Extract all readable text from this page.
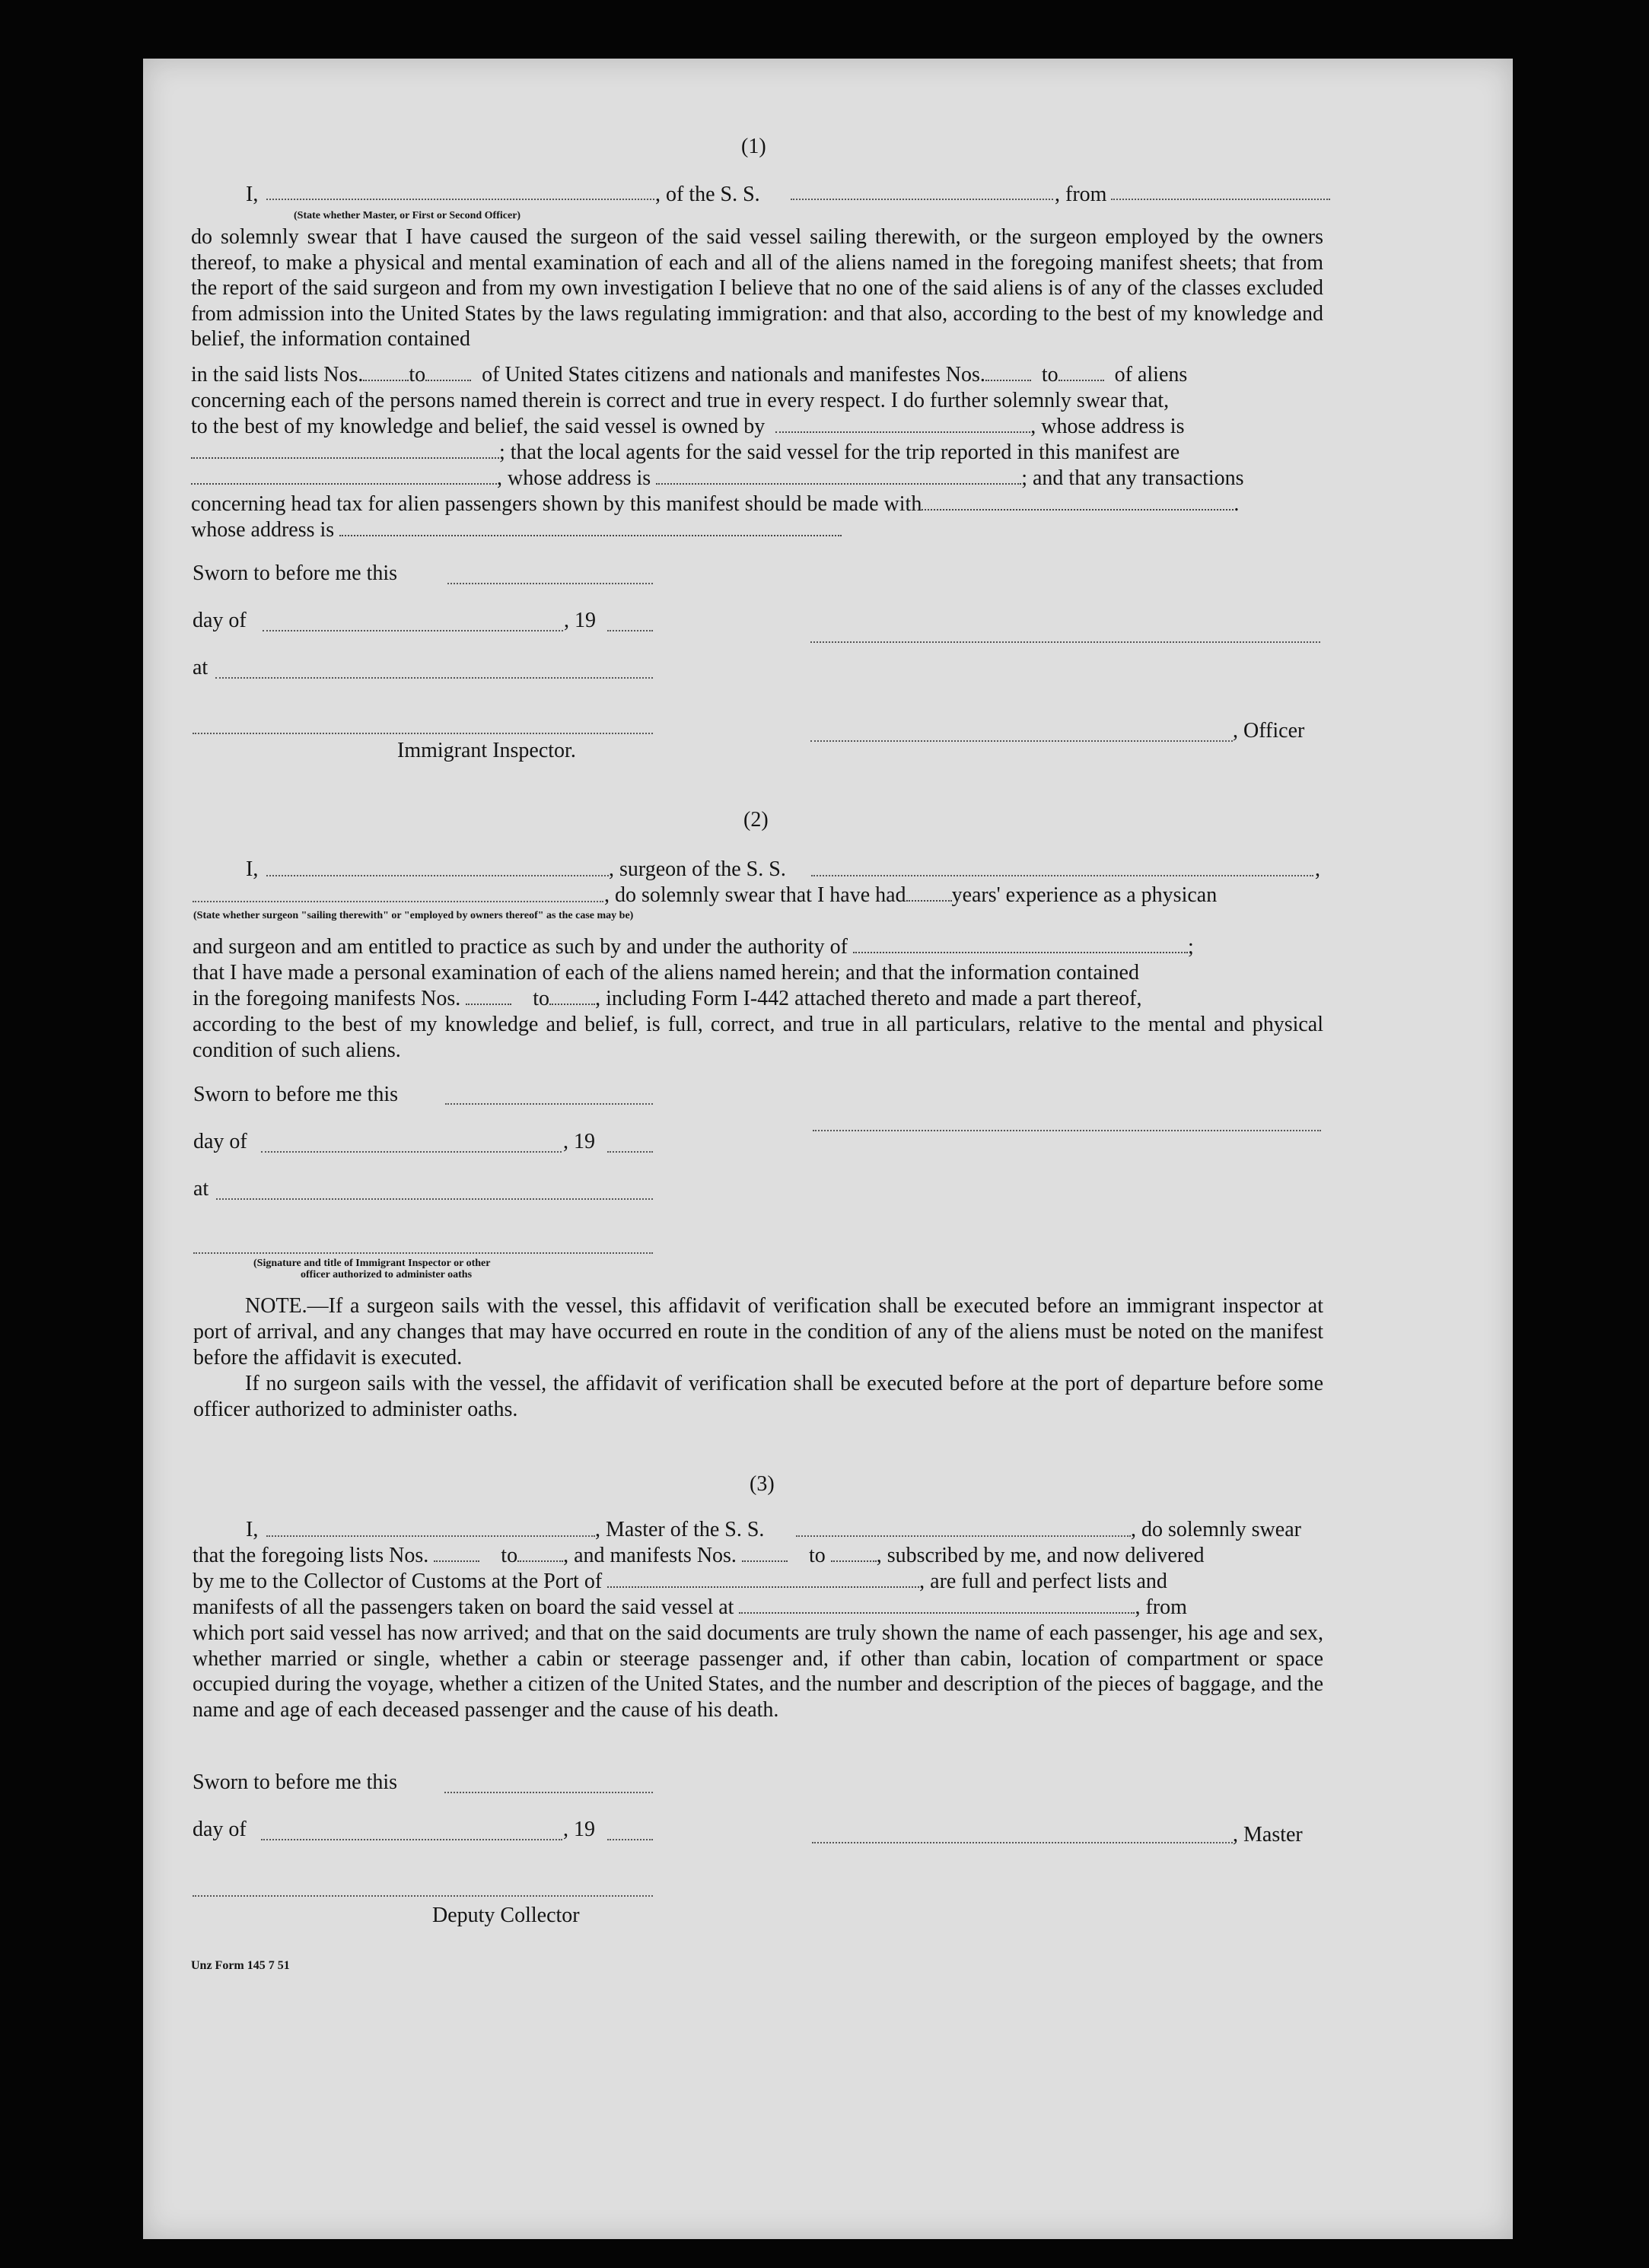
(1)
I,	, of the S. S.	, from
(State whether Master, or First or Second Officer)
do solemnly swear that I have caused the surgeon of the said vessel sailing therewith, or the surgeon employed by the owners thereof, to make a physical and mental examination of each and all of the aliens named in the foregoing manifest sheets; that from the report of the said surgeon and from my own investigation I believe that no one of the said aliens is of any of the classes excluded from admission into the United States by the laws regulating immigration: and that also, according to the best of my knowledge and belief, the information contained
in the said lists Nos. to	of United States citizens and nationals and manifestes Nos.	to	of aliens
concerning each of the persons named therein is correct and true in every respect. I do further solemnly swear that,
to the best of my knowledge and belief, the said vessel is owned by	, whose address is
; that the local agents for the said vessel for the trip reported in this manifest are
, whose address is	; and that any transactions
concerning head tax for alien passengers shown by this manifest should be made with	.
whose address is
Sworn to before me this
day of	, 19
at
, Officer
Immigrant Inspector.
(2)
I,	, surgeon of the S. S.	,
, do solemnly swear that I have had years' experience as a physican
(State whether surgeon "sailing therewith" or "employed by owners thereof" as the case may be)
and surgeon and am entitled to practice as such by and under the authority of	;
that I have made a personal examination of each of the aliens named herein; and that the information contained
in the foregoing manifests Nos.	to , including Form I-442 attached thereto and made a part thereof,
according to the best of my knowledge and belief, is full, correct, and true in all particulars, relative to the mental and physical condition of such aliens.
Sworn to before me this
day of	, 19
at
(Signature and title of Immigrant Inspector or other
officer authorized to administer oaths
NOTE.—If a surgeon sails with the vessel, this affidavit of verification shall be executed before an immigrant inspector at port of arrival, and any changes that may have occurred en route in the condition of any of the aliens must be noted on the manifest before the affidavit is executed.
If no surgeon sails with the vessel, the affidavit of verification shall be executed before at the port of departure before some officer authorized to administer oaths.
(3)
I,	, Master of the S. S.	, do solemnly swear
that the foregoing lists Nos.	to , and manifests Nos.	to , subscribed by me, and now delivered
by me to the Collector of Customs at the Port of	, are full and perfect lists and
manifests of all the passengers taken on board the said vessel at	, from
which port said vessel has now arrived; and that on the said documents are truly shown the name of each passenger, his age and sex, whether married or single, whether a cabin or steerage passenger and, if other than cabin, location of compartment or space occupied during the voyage, whether a citizen of the United States, and the number and description of the pieces of baggage, and the name and age of each deceased passenger and the cause of his death.
Sworn to before me this
day of	, 19	, Master
Deputy Collector
Unz Form 145 7 51
